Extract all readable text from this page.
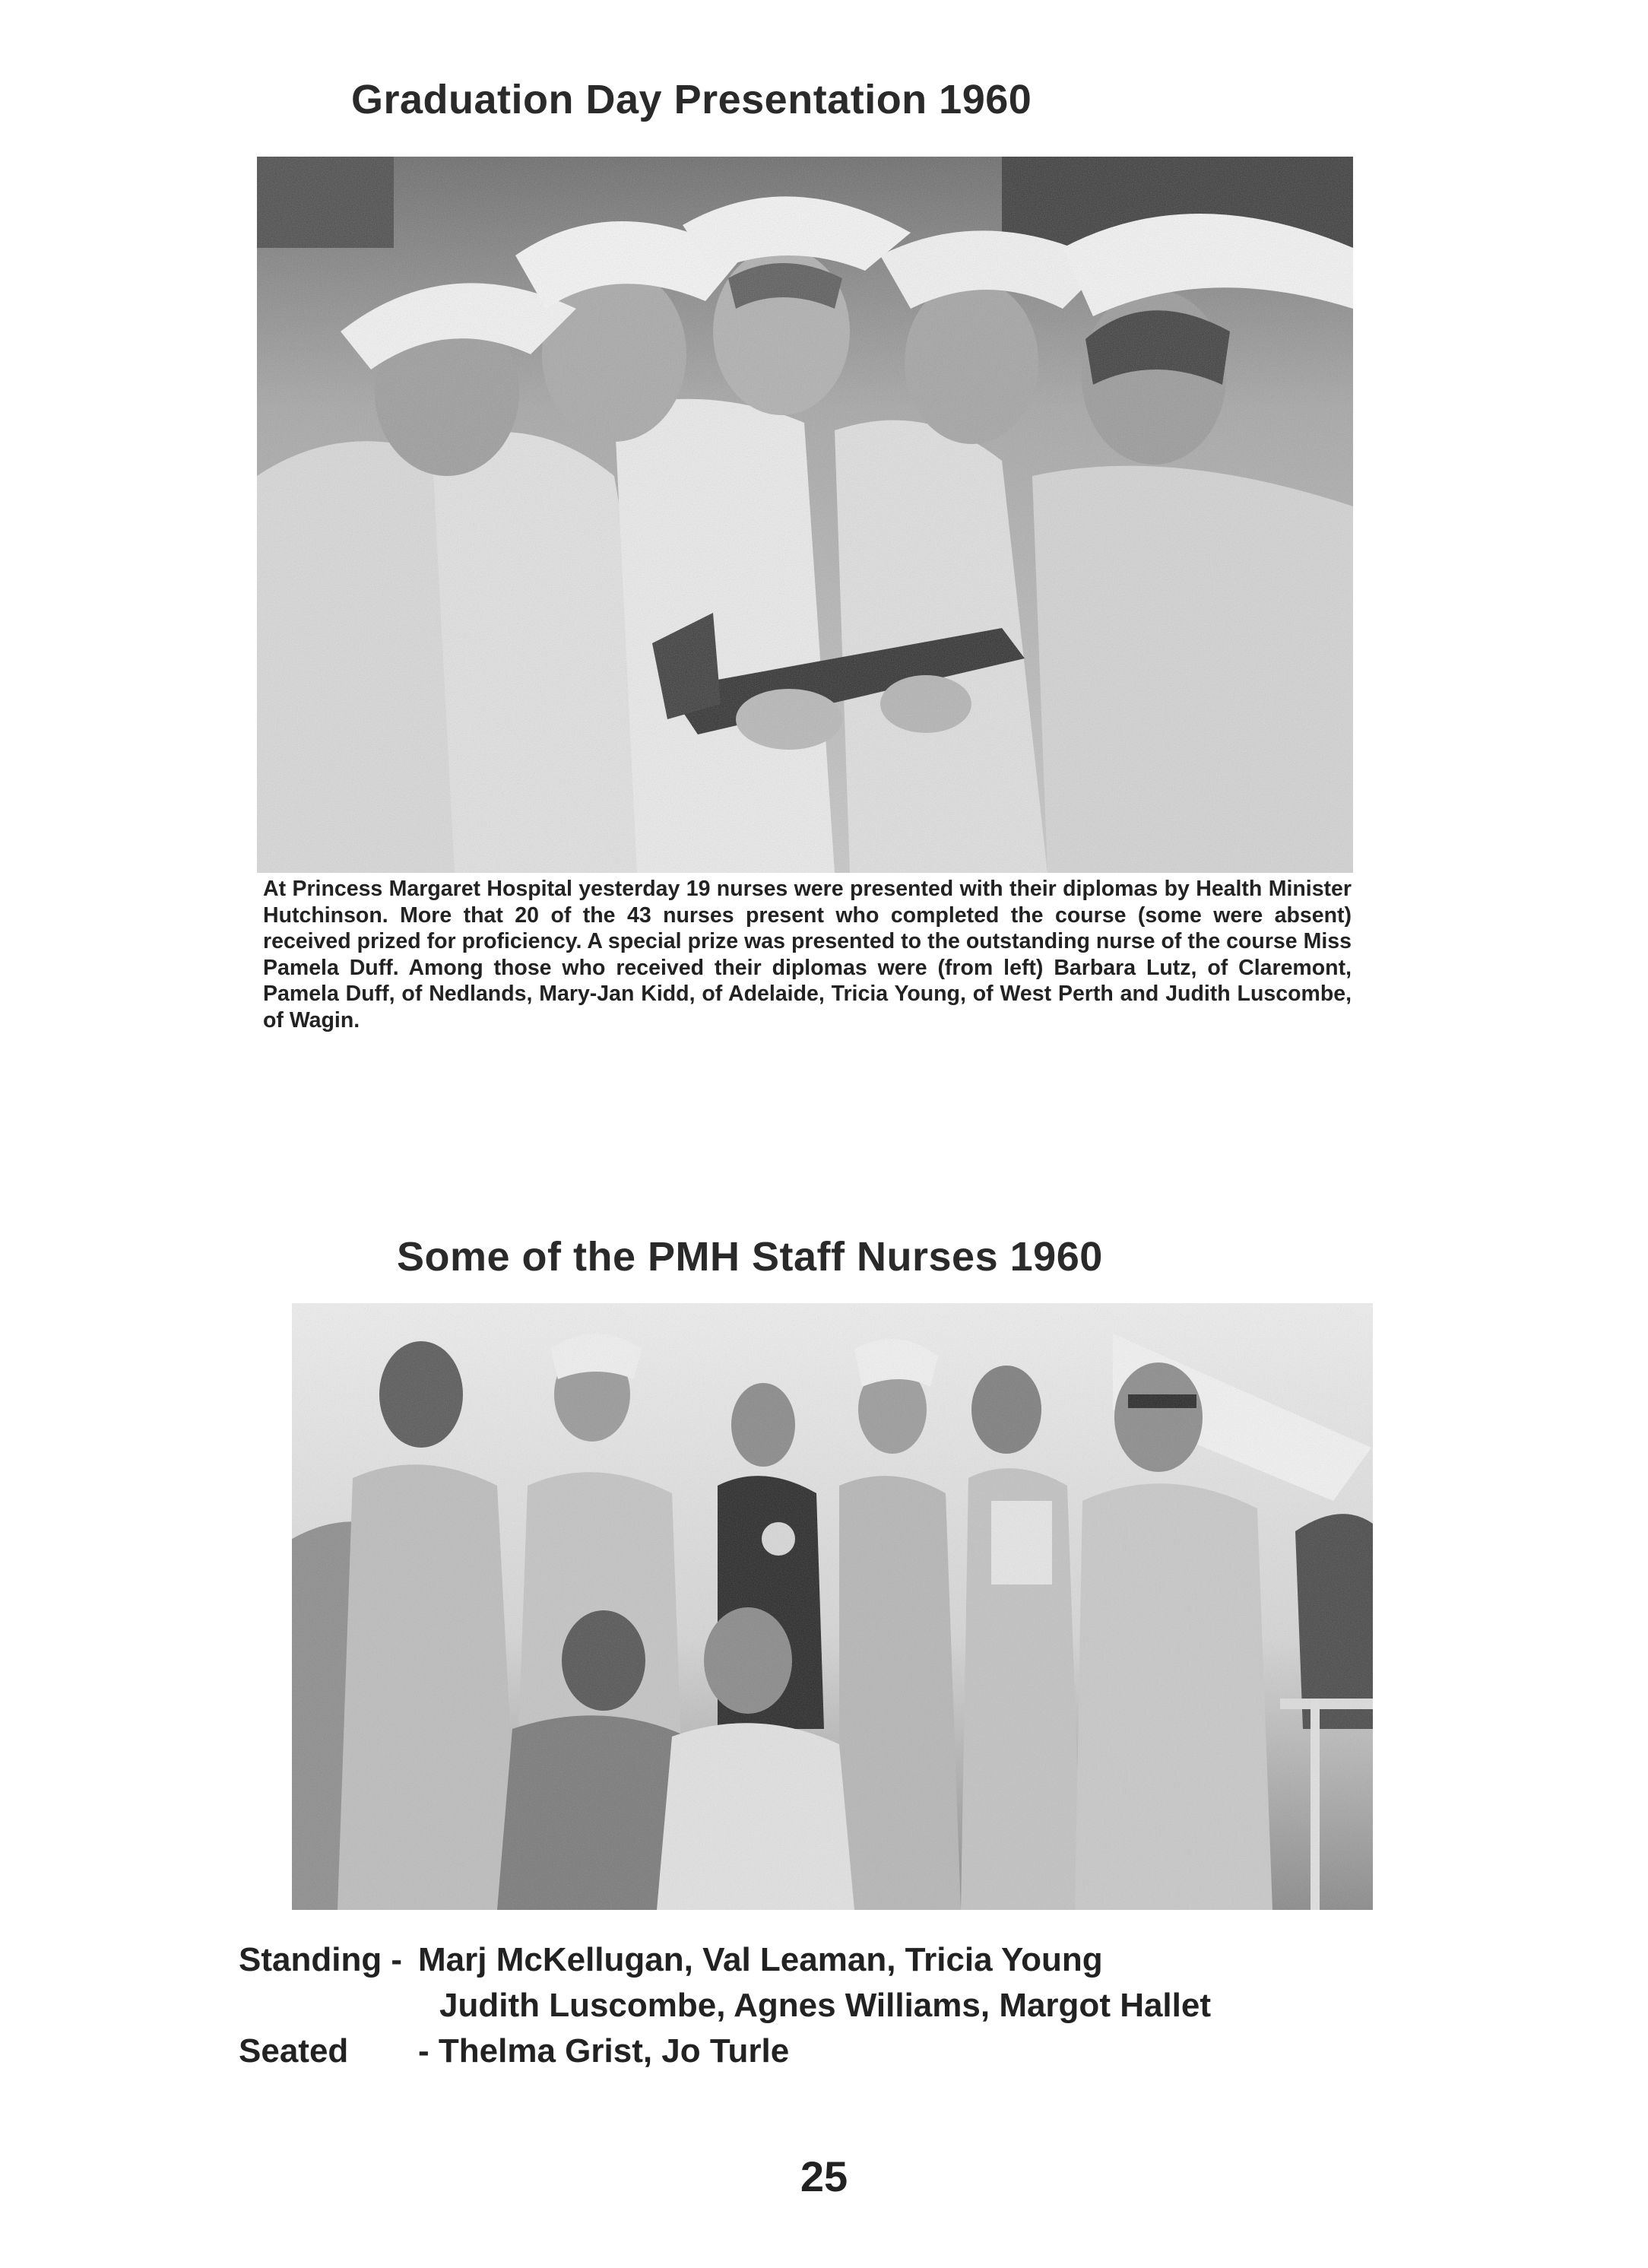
Graduation Day Presentation 1960

At Princess Margaret Hospital yesterday 19 nurses were presented with their diplomas by Health Minister Hutchinson. More that 20 of the 43 nurses present who completed the course (some were absent) received prized for proficiency. A special prize was presented to the outstanding nurse of the course Miss Pamela Duff. Among those who received their diplomas were (from left) Barbara Lutz, of Claremont, Pamela Duff, of Nedlands, Mary-Jan Kidd, of Adelaide, Tricia Young, of West Perth and Judith Luscombe, of Wagin.

Some of the PMH Staff Nurses 1960
Standing - Marj McKellugan, Val Leaman, Tricia Young
Judith Luscombe, Agnes Williams, Margot Hallet
Seated - Thelma Grist, Jo Turle
25
